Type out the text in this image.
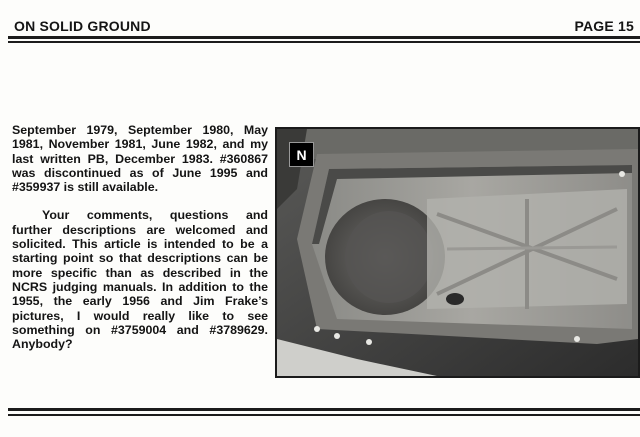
ON SOLID GROUND	PAGE 15

September 1979, September 1980, May 1981, November 1981, June 1982, and my last written PB, December 1983. #360867 was discontinued as of June 1995 and #359937 is still available.

Your comments, questions and further descriptions are welcomed and solicited. This article is intended to be a starting point so that descriptions can be more specific than as described in the NCRS judging manuals. In addition to the 1955, the early 1956 and Jim Frake’s pictures, I would really like to see something on #3759004 and #3789629. Anybody?

N
